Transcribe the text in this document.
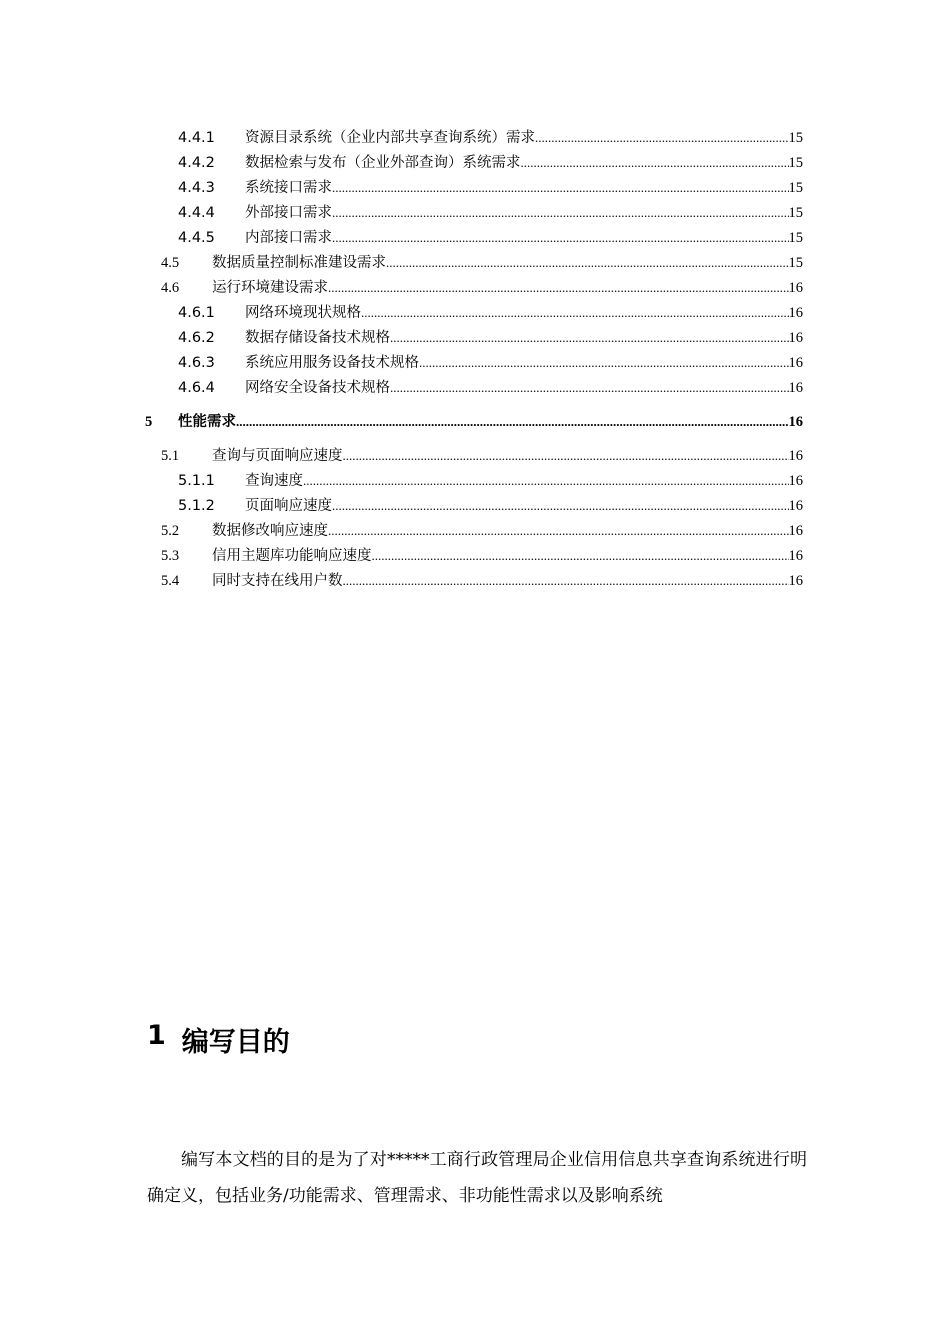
4.4.1 资源目录系统（企业内部共享查询系统）需求 .....	15
4.4.2 数据检索与发布（企业外部查询）系统需求 .....	15
4.4.3 系统接口需求 .....	15
4.4.4 外部接口需求 .....	15
4.4.5 内部接口需求 .....	15
4.5 数据质量控制标准建设需求 .....	15
4.6 运行环境建设需求 .....	16
4.6.1 网络环境现状规格 .....	16
4.6.2 数据存储设备技术规格 .....	16
4.6.3 系统应用服务设备技术规格 .....	16
4.6.4 网络安全设备技术规格 .....	16
5 性能需求 .....	16
5.1 查询与页面响应速度 .....	16
5.1.1 查询速度 .....	16
5.1.2 页面响应速度 .....	16
5.2 数据修改响应速度 .....	16
5.3 信用主题库功能响应速度 .....	16
5.4 同时支持在线用户数 .....	16
1 编写目的

编写本文档的目的是为了对*****工商行政管理局企业信用信息共享查询系统进行明确定义，包括业务/功能需求、管理需求、非功能性需求以及影响系统
